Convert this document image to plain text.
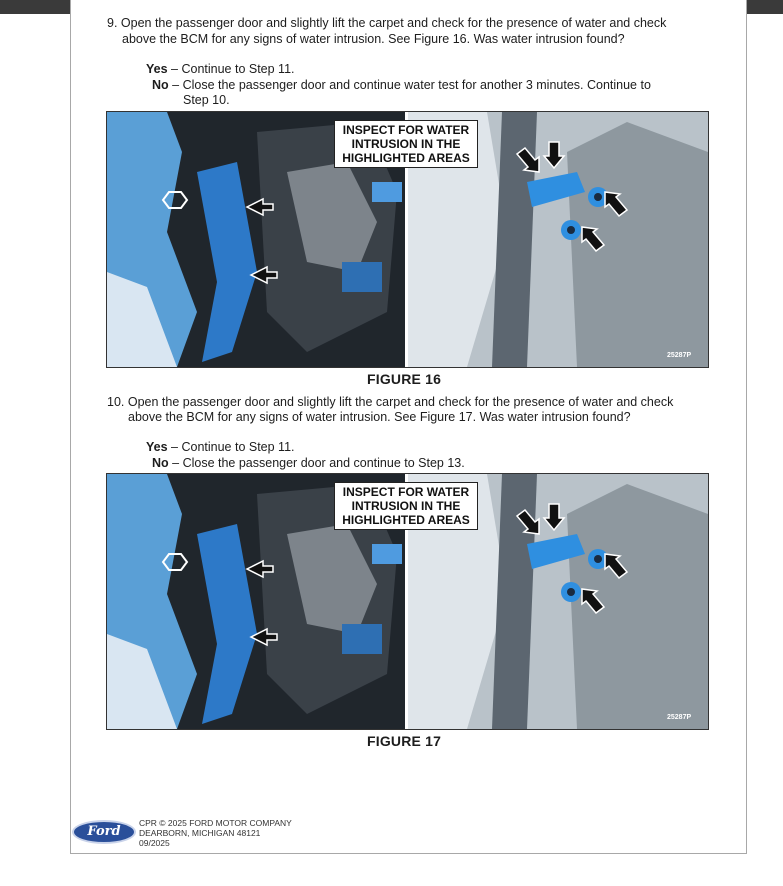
9. Open the passenger door and slightly lift the carpet and check for the presence of water and check
above the BCM for any signs of water intrusion. See Figure 16. Was water intrusion found?
Yes – Continue to Step 11.
No – Close the passenger door and continue water test for another 3 minutes. Continue to
Step 10.
INSPECT FOR WATER
INTRUSION IN THE
HIGHLIGHTED AREAS
25287P
FIGURE 16
10. Open the passenger door and slightly lift the carpet and check for the presence of water and check
above the BCM for any signs of water intrusion. See Figure 17. Was water intrusion found?
Yes – Continue to Step 11.
No – Close the passenger door and continue to Step 13.
INSPECT FOR WATER
INTRUSION IN THE
HIGHLIGHTED AREAS
25287P
FIGURE 17
Ford
CPR © 2025 FORD MOTOR COMPANY
DEARBORN, MICHIGAN 48121
09/2025
